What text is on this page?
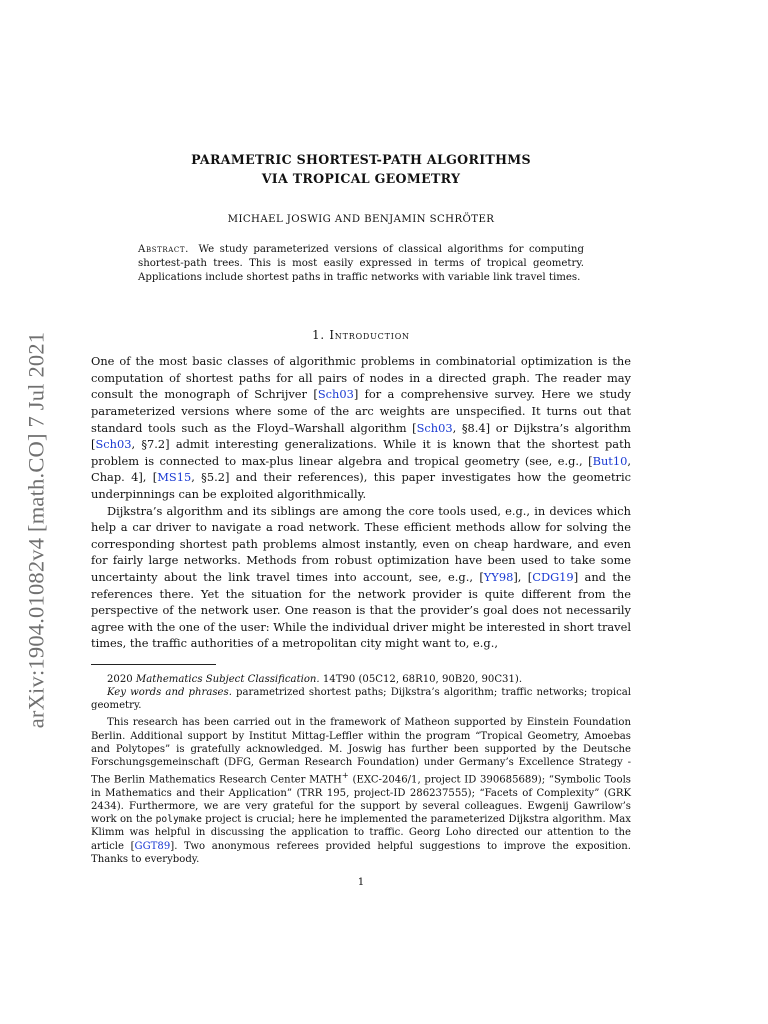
arXiv:1904.01082v4 [math.CO] 7 Jul 2021
PARAMETRIC SHORTEST-PATH ALGORITHMS
VIA TROPICAL GEOMETRY
MICHAEL JOSWIG AND BENJAMIN SCHRÖTER
Abstract. We study parameterized versions of classical algorithms for computing shortest-path trees. This is most easily expressed in terms of tropical geometry. Applications include shortest paths in traffic networks with variable link travel times.
1. Introduction

One of the most basic classes of algorithmic problems in combinatorial optimization is the computation of shortest paths for all pairs of nodes in a directed graph. The reader may consult the monograph of Schrijver [Sch03] for a comprehensive survey. Here we study parameterized versions where some of the arc weights are unspecified. It turns out that standard tools such as the Floyd–Warshall algorithm [Sch03, §8.4] or Dijkstra’s algorithm [Sch03, §7.2] admit interesting generalizations. While it is known that the shortest path problem is connected to max-plus linear algebra and tropical geometry (see, e.g., [But10, Chap. 4], [MS15, §5.2] and their references), this paper investigates how the geometric underpinnings can be exploited algorithmically.

Dijkstra’s algorithm and its siblings are among the core tools used, e.g., in devices which help a car driver to navigate a road network. These efficient methods allow for solving the corresponding shortest path problems almost instantly, even on cheap hardware, and even for fairly large networks. Methods from robust optimization have been used to take some uncertainty about the link travel times into account, see, e.g., [YY98], [CDG19] and the references there. Yet the situation for the network provider is quite different from the perspective of the network user. One reason is that the provider’s goal does not necessarily agree with the one of the user: While the individual driver might be interested in short travel times, the traffic authorities of a metropolitan city might want to, e.g.,

2020 Mathematics Subject Classification. 14T90 (05C12, 68R10, 90B20, 90C31).

Key words and phrases. parametrized shortest paths; Dijkstra’s algorithm; traffic networks; tropical geometry.

This research has been carried out in the framework of Matheon supported by Einstein Foundation Berlin. Additional support by Institut Mittag-Leffler within the program “Tropical Geometry, Amoebas and Polytopes” is gratefully acknowledged. M. Joswig has further been supported by the Deutsche Forschungsgemeinschaft (DFG, German Research Foundation) under Germany’s Excellence Strategy - The Berlin Mathematics Research Center MATH+ (EXC-2046/1, project ID 390685689); “Symbolic Tools in Mathematics and their Application” (TRR 195, project-ID 286237555); “Facets of Complexity” (GRK 2434). Furthermore, we are very grateful for the support by several colleagues. Ewgenij Gawrilow’s work on the polymake project is crucial; here he implemented the parameterized Dijkstra algorithm. Max Klimm was helpful in discussing the application to traffic. Georg Loho directed our attention to the article [GGT89]. Two anonymous referees provided helpful suggestions to improve the exposition. Thanks to everybody.

1
